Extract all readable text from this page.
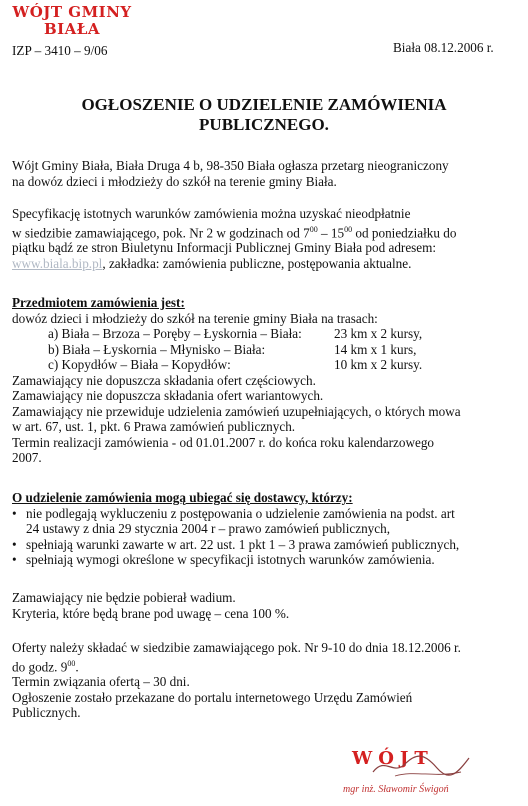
WÓJT GMINY
BIAŁA
IZP – 3410 – 9/06	Biała 08.12.2006 r.
OGŁOSZENIE O UDZIELENIE ZAMÓWIENIA
PUBLICZNEGO.
Wójt Gminy Biała, Biała Druga 4 b, 98-350 Biała ogłasza przetarg nieograniczony
na dowóz dzieci i młodzieży do szkół na terenie gminy Biała.
Specyfikację istotnych warunków zamówienia można uzyskać nieodpłatnie
w siedzibie zamawiającego, pok. Nr 2 w godzinach od $7^{00} - 15^{00}$ od poniedziałku do
piątku bądź ze stron Biuletynu Informacji Publicznej Gminy Biała pod adresem:
www.biala.bip.pl, zakładka: zamówienia publiczne, postępowania aktualne.
Przedmiotem zamówienia jest:
dowóz dzieci i młodzieży do szkół na terenie gminy Biała na trasach:
a) Biała – Brzoza – Poręby – Łyskornia – Biała:	23 km x 2 kursy,
b) Biała – Łyskornia – Młynisko – Biała:	14 km x 1 kurs,
c) Kopydłów – Biała – Kopydłów:	10 km x 2 kursy.
Zamawiający nie dopuszcza składania ofert częściowych.
Zamawiający nie dopuszcza składania ofert wariantowych.
Zamawiający nie przewiduje udzielenia zamówień uzupełniających, o których mowa
w art. 67, ust. 1, pkt. 6 Prawa zamówień publicznych.
Termin realizacji zamówienia - od 01.01.2007 r. do końca roku kalendarzowego
2007.
O udzielenie zamówienia mogą ubiegać się dostawcy, którzy:
• nie podlegają wykluczeniu z postępowania o udzielenie zamówienia na podst. art
24 ustawy z dnia 29 stycznia 2004 r – prawo zamówień publicznych,
• spełniają warunki zawarte w art. 22 ust. 1 pkt 1 – 3 prawa zamówień publicznych,
• spełniają wymogi określone w specyfikacji istotnych warunków zamówienia.
Zamawiający nie będzie pobierał wadium.
Kryteria, które będą brane pod uwagę – cena 100 %.
Oferty należy składać w siedzibie zamawiającego pok. Nr 9-10 do dnia 18.12.2006 r.
do godz. $9^{00}$.
Termin związania ofertą – 30 dni.
Ogłoszenie zostało przekazane do portalu internetowego Urzędu Zamówień
Publicznych.
WÓJT
mgr inż. Sławomir Świgoń
